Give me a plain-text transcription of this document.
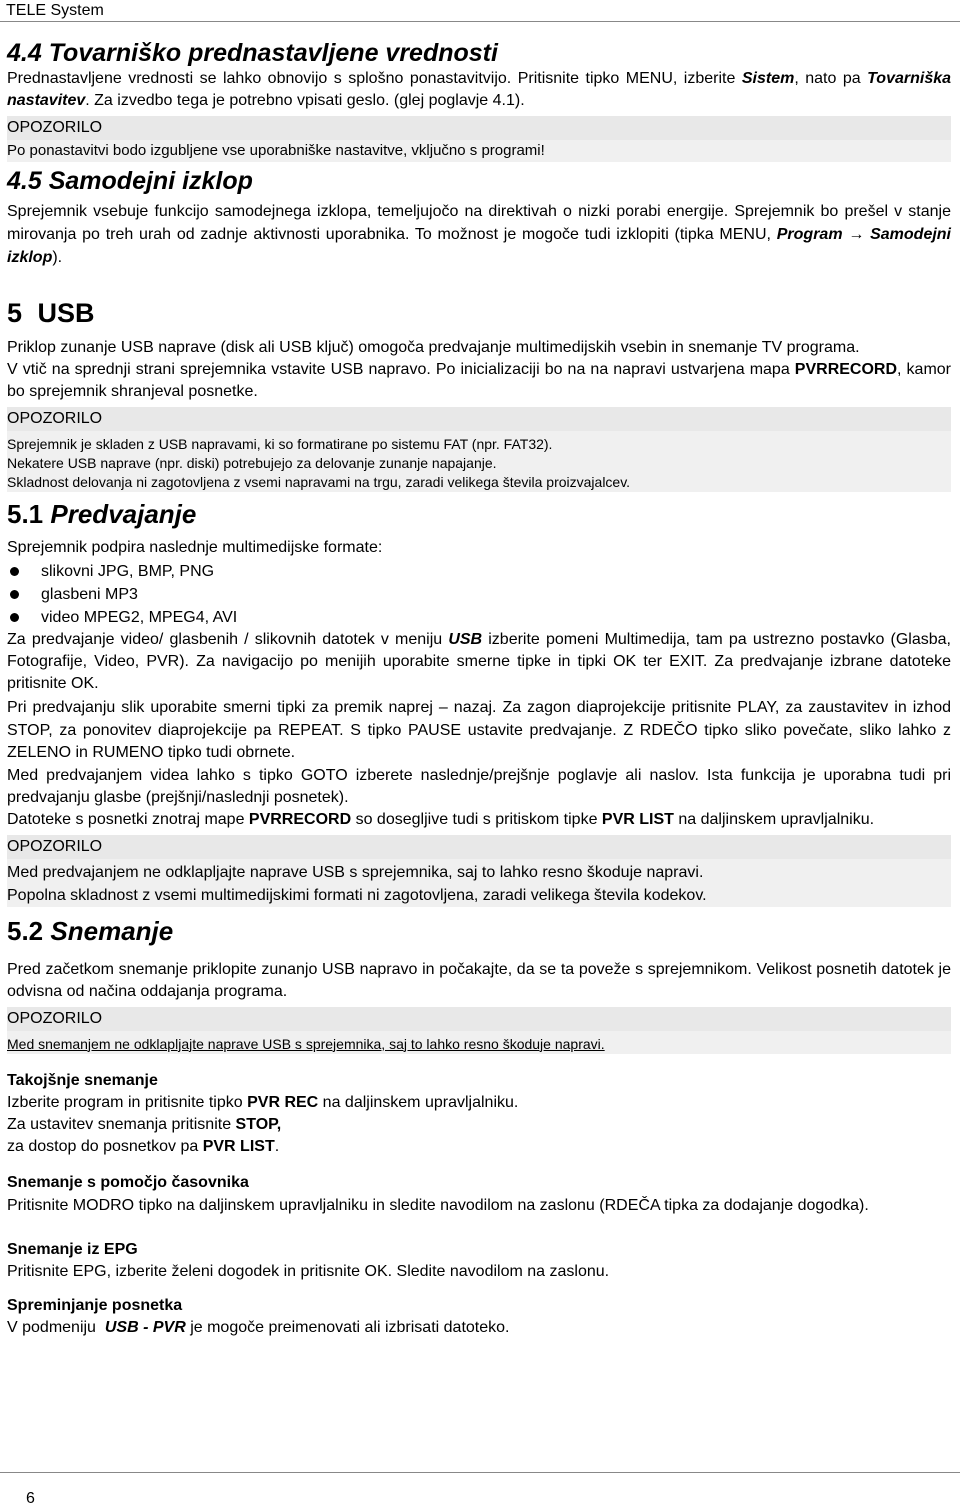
TELE System
4.4 Tovarniško prednastavljene vrednosti

Prednastavljene vrednosti se lahko obnovijo s splošno ponastavitvijo. Pritisnite tipko MENU, izberite Sistem, nato pa Tovarniška nastavitev. Za izvedbo tega je potrebno vpisati geslo. (glej poglavje 4.1).

OPOZORILO
Po ponastavitvi bodo izgubljene vse uporabniške nastavitve, vključno s programi!
4.5 Samodejni izklop

Sprejemnik vsebuje funkcijo samodejnega izklopa, temeljujočo na direktivah o nizki porabi energije. Sprejemnik bo prešel v stanje mirovanja po treh urah od zadnje aktivnosti uporabnika. To možnost je mogoče tudi izklopiti (tipka MENU, Program → Samodejni izklop).

5 USB

Priklop zunanje USB naprave (disk ali USB ključ) omogoča predvajanje multimedijskih vsebin in snemanje TV programa.

V vtič na sprednji strani sprejemnika vstavite USB napravo. Po inicializaciji bo na na napravi ustvarjena mapa PVRRECORD, kamor bo sprejemnik shranjeval posnetke.

OPOZORILO
Sprejemnik je skladen z USB napravami, ki so formatirane po sistemu FAT (npr. FAT32).
Nekatere USB naprave (npr. diski) potrebujejo za delovanje zunanje napajanje.
Skladnost delovanja ni zagotovljena z vsemi napravami na trgu, zaradi velikega števila proizvajalcev.
5.1 Predvajanje

Sprejemnik podpira naslednje multimedijske formate:

slikovni JPG, BMP, PNG
glasbeni MP3
video MPEG2, MPEG4, AVI

Za predvajanje video/ glasbenih / slikovnih datotek v meniju USB izberite pomeni Multimedija, tam pa ustrezno postavko (Glasba, Fotografije, Video, PVR). Za navigacijo po menijih uporabite smerne tipke in tipki OK ter EXIT. Za predvajanje izbrane datoteke pritisnite OK.

Pri predvajanju slik uporabite smerni tipki za premik naprej – nazaj. Za zagon diaprojekcije pritisnite PLAY, za zaustavitev in izhod STOP, za ponovitev diaprojekcije pa REPEAT. S tipko PAUSE ustavite predvajanje. Z RDEČO tipko sliko povečate, sliko lahko z ZELENO in RUMENO tipko tudi obrnete.

Med predvajanjem videa lahko s tipko GOTO izberete naslednje/prejšnje poglavje ali naslov. Ista funkcija je uporabna tudi pri predvajanju glasbe (prejšnji/naslednji posnetek).

Datoteke s posnetki znotraj mape PVRRECORD so dosegljive tudi s pritiskom tipke PVR LIST na daljinskem upravljalniku.

OPOZORILO
Med predvajanjem ne odklapljajte naprave USB s sprejemnika, saj to lahko resno škoduje napravi.
Popolna skladnost z vsemi multimedijskimi formati ni zagotovljena, zaradi velikega števila kodekov.
5.2 Snemanje

Pred začetkom snemanje priklopite zunanjo USB napravo in počakajte, da se ta poveže s sprejemnikom. Velikost posnetih datotek je odvisna od načina oddajanja programa.

OPOZORILO
Med snemanjem ne odklapljajte naprave USB s sprejemnika, saj to lahko resno škoduje napravi.
Takojšnje snemanje

Izberite program in pritisnite tipko PVR REC na daljinskem upravljalniku.

Za ustavitev snemanja pritisnite STOP,

za dostop do posnetkov pa PVR LIST.

Snemanje s pomočjo časovnika

Pritisnite MODRO tipko na daljinskem upravljalniku in sledite navodilom na zaslonu (RDEČA tipka za dodajanje dogodka).

Snemanje iz EPG

Pritisnite EPG, izberite želeni dogodek in pritisnite OK. Sledite navodilom na zaslonu.

Spreminjanje posnetka

V podmeniju  USB - PVR je mogoče preimenovati ali izbrisati datoteko.

6
